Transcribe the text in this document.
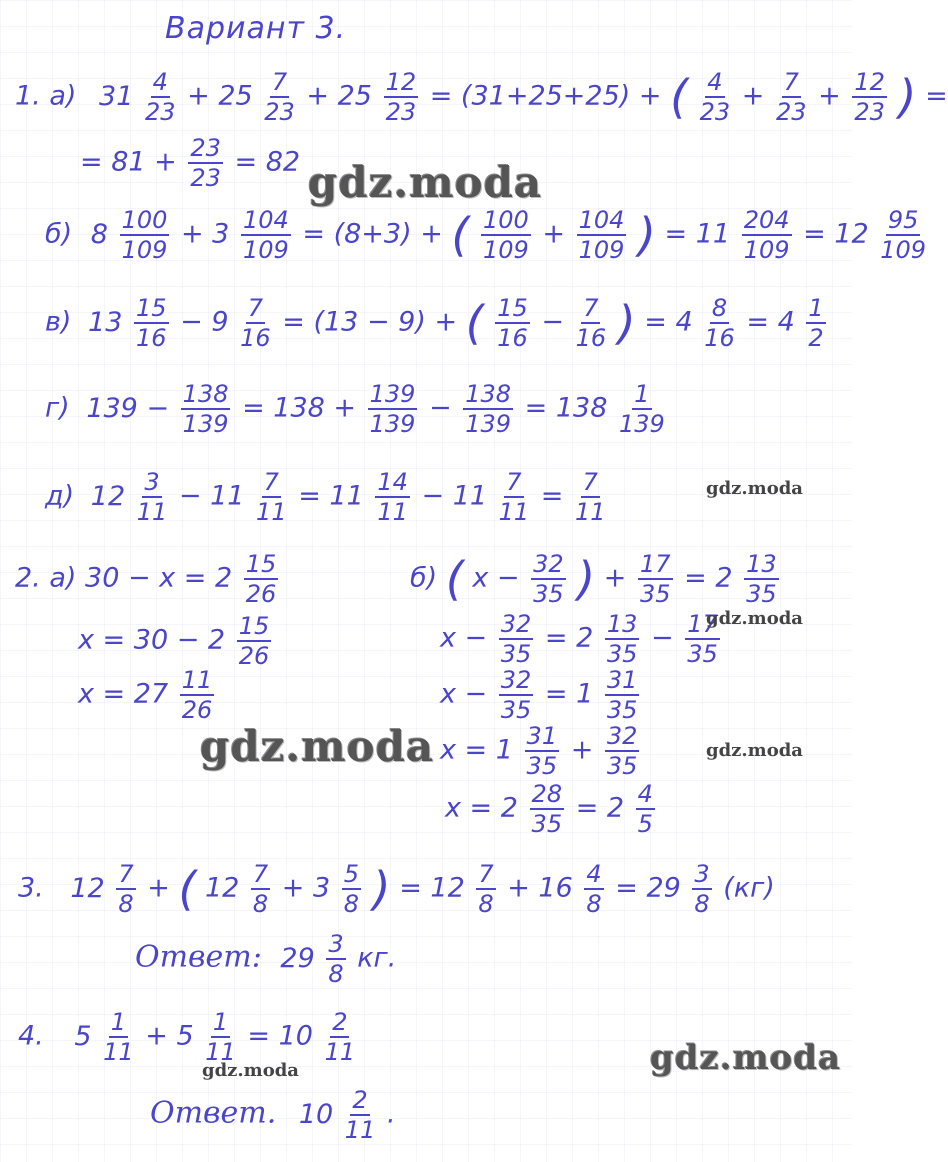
Вариант 3.
1. а) $31 \frac{4}{23} + 25 \frac{7}{23} + 25 \frac{12}{23} = (31+25+25)$ + ( $\frac{4}{23} + \frac{7}{23} + \frac{12}{23}$ ) =
= $81 + \frac{23}{23} = 82$
б) $8 \frac{100}{109} + 3 \frac{104}{109} = (8+3)$ + ( $\frac{100}{109} + \frac{104}{109}$ ) = $11 \frac{204}{109} = 12 \frac{95}{109}$
в) $13 \frac{15}{16} - 9 \frac{7}{16} = (13 - 9)$ + ( $\frac{15}{16} - \frac{7}{16}$ ) = $4 \frac{8}{16} = 4 \frac{1}{2}$
г) $139 - \frac{138}{139} = 138 + \frac{139}{139} - \frac{138}{139} = 138 \frac{1}{139}$
д) $12 \frac{3}{11} - 11 \frac{7}{11} = 11 \frac{14}{11} - 11 \frac{7}{11} = \frac{7}{11}$
2. а) $30 - x = 2 \frac{15}{26}$
$x = 30 - 2 \frac{15}{26}$
$x = 27 \frac{11}{26}$
б) ( $x - \frac{32}{35}$ ) + $\frac{17}{35} = 2 \frac{13}{35}$
$x - \frac{32}{35} = 2 \frac{13}{35} - \frac{17}{35}$
$x - \frac{32}{35} = 1 \frac{31}{35}$
$x = 1 \frac{31}{35} + \frac{32}{35}$
$x = 2 \frac{28}{35} = 2 \frac{4}{5}$
3. $12 \frac{7}{8}$ + ( $12 \frac{7}{8} + 3 \frac{5}{8}$ ) = $12 \frac{7}{8} + 16 \frac{4}{8} = 29 \frac{3}{8} (кг)$
Ответ: $29 \frac{3}{8}$ кг.
4. $5 \frac{1}{11} + 5 \frac{1}{11} = 10 \frac{2}{11}$
Ответ. $10 \frac{2}{11}$ .
gdz.moda
gdz.moda
gdz.moda
gdz.moda	gdz.moda
gdz.moda
gdz.moda
